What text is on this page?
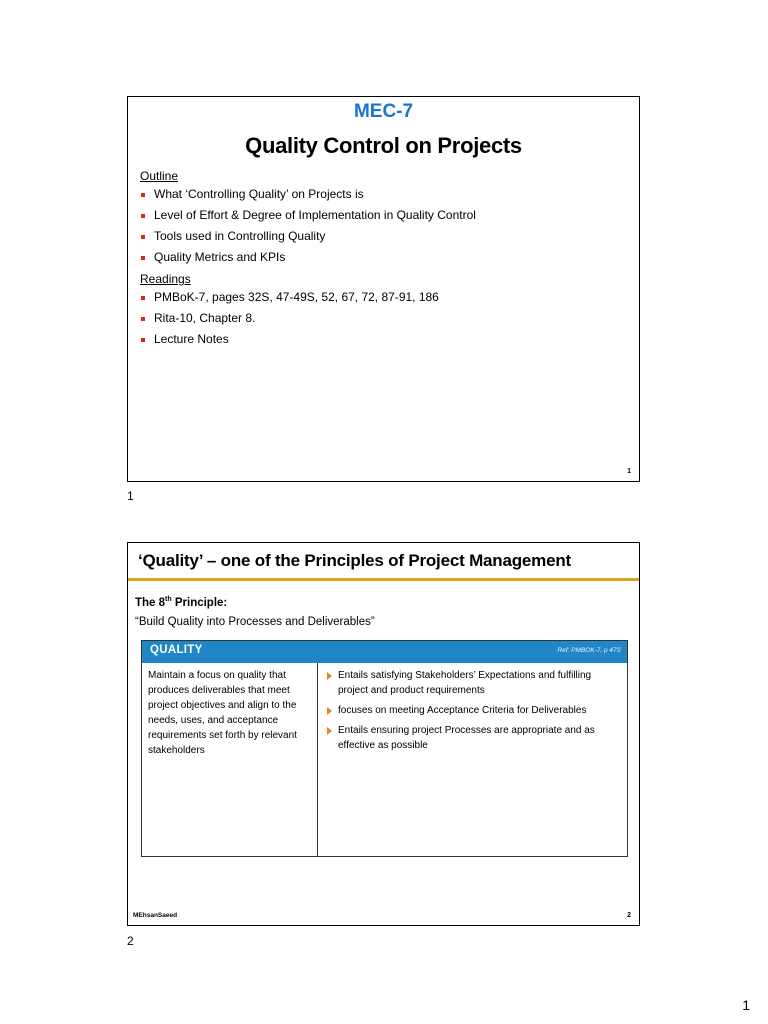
MEC-7
Quality Control on Projects
Outline
What ‘Controlling Quality’ on Projects is
Level of Effort & Degree of Implementation in Quality Control
Tools used in Controlling Quality
Quality Metrics and KPIs
Readings
PMBoK-7, pages 32S, 47-49S, 52, 67, 72, 87-91, 186
Rita-10, Chapter 8.
Lecture Notes
1
1
‘Quality’ – one of the Principles of Project Management
The 8th Principle:
“Build Quality into Processes and Deliverables”
QUALITY	Ref: PMBOK-7, p 47S
Maintain a focus on quality that produces deliverables that meet project objectives and align to the needs, uses, and acceptance requirements set forth by relevant stakeholders
Entails satisfying Stakeholders’ Expectations and fulfilling project and product requirements
focuses on meeting Acceptance Criteria for Deliverables
Entails ensuring project Processes are appropriate and as effective as possible
MEhsanSaeed	2
2
1
